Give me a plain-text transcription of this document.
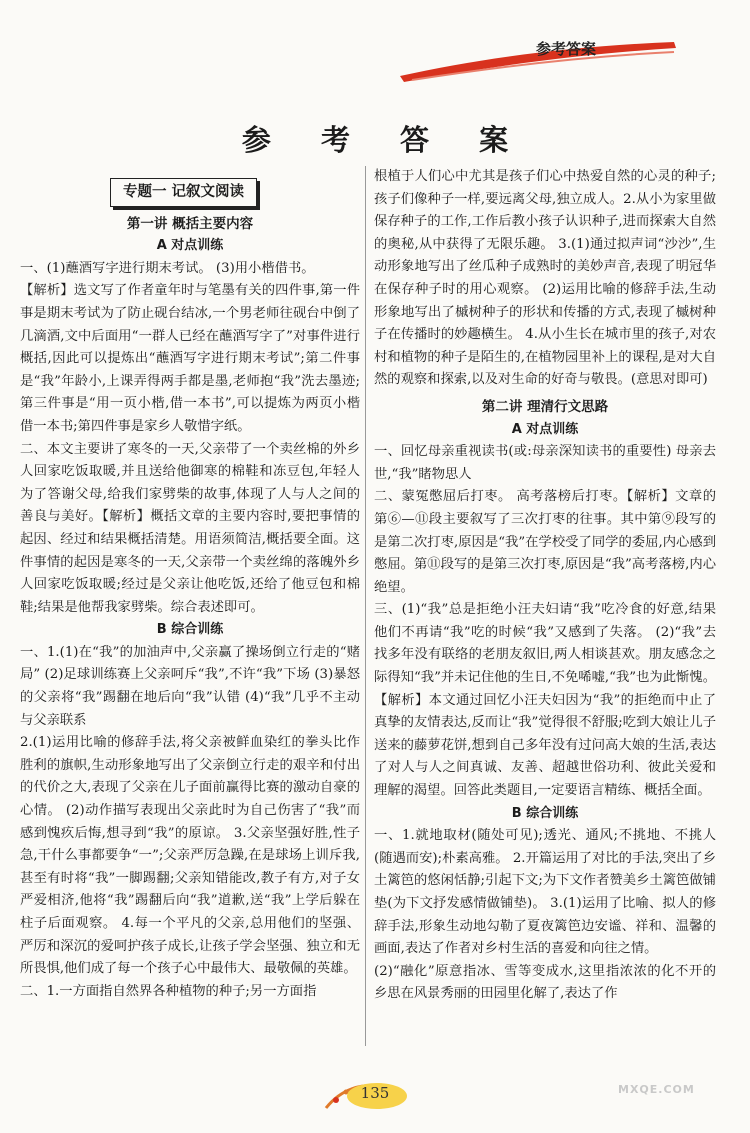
参考答案
参 考 答 案
专题一 记叙文阅读
第一讲 概括主要内容
A 对点训练

一、(1)蘸酒写字进行期末考试。 (3)用小楷借书。

【解析】选文写了作者童年时与笔墨有关的四件事,第一件事是期末考试为了防止砚台结冰,一个男老师往砚台中倒了几滴酒,文中后面用“一群人已经在蘸酒写字了”对事件进行概括,因此可以提炼出“蘸酒写字进行期末考试”;第二件事是“我”年龄小,上课弄得两手都是墨,老师抱“我”洗去墨迹;第三件事是“用一页小楷,借一本书”,可以提炼为两页小楷借一本书;第四件事是家乡人敬惜字纸。

二、本文主要讲了寒冬的一天,父亲带了一个卖丝棉的外乡人回家吃饭取暖,并且送给他御寒的棉鞋和冻豆包,年轻人为了答谢父母,给我们家劈柴的故事,体现了人与人之间的善良与美好。【解析】概括文章的主要内容时,要把事情的起因、经过和结果概括清楚。用语须简洁,概括要全面。这件事情的起因是寒冬的一天,父亲带一个卖丝绵的落魄外乡人回家吃饭取暖;经过是父亲让他吃饭,还给了他豆包和棉鞋;结果是他帮我家劈柴。综合表述即可。

B 综合训练

一、1.(1)在“我”的加油声中,父亲赢了操场倒立行走的“赌局” (2)足球训练赛上父亲呵斥“我”,不许“我”下场 (3)暴怒的父亲将“我”踢翻在地后向“我”认错 (4)“我”几乎不主动与父亲联系

2.(1)运用比喻的修辞手法,将父亲被鲜血染红的拳头比作胜利的旗帜,生动形象地写出了父亲倒立行走的艰辛和付出的代价之大,表现了父亲在儿子面前赢得比赛的激动自豪的心情。 (2)动作描写表现出父亲此时为自己伤害了“我”而感到愧疚后悔,想寻到“我”的原谅。 3.父亲坚强好胜,性子急,干什么事都要争“一”;父亲严厉急躁,在是球场上训斥我,甚至有时将“我”一脚踢翻;父亲知错能改,教子有方,对子女严爱相济,他将“我”踢翻后向“我”道歉,送“我”上学后躲在柱子后面观察。 4.每一个平凡的父亲,总用他们的坚强、严厉和深沉的爱呵护孩子成长,让孩子学会坚强、独立和无所畏惧,他们成了每一个孩子心中最伟大、最敬佩的英雄。

二、1.一方面指自然界各种植物的种子;另一方面指

根植于人们心中尤其是孩子们心中热爱自然的心灵的种子;孩子们像种子一样,要远离父母,独立成人。2.从小为家里做保存种子的工作,工作后教小孩子认识种子,进而探索大自然的奥秘,从中获得了无限乐趣。 3.(1)通过拟声词“沙沙”,生动形象地写出了丝瓜种子成熟时的美妙声音,表现了明冠华在保存种子时的用心观察。 (2)运用比喻的修辞手法,生动形象地写出了槭树种子的形状和传播的方式,表现了槭树种子在传播时的妙趣横生。 4.从小生长在城市里的孩子,对农村和植物的种子是陌生的,在植物园里补上的课程,是对大自然的观察和探索,以及对生命的好奇与敬畏。(意思对即可)

第二讲 理清行文思路
A 对点训练

一、回忆母亲重视读书(或:母亲深知读书的重要性) 母亲去世,“我”睹物思人

二、蒙冤憋屈后打枣。 高考落榜后打枣。【解析】文章的第⑥—⑪段主要叙写了三次打枣的往事。其中第⑨段写的是第二次打枣,原因是“我”在学校受了同学的委屈,内心感到憋屈。第⑪段写的是第三次打枣,原因是“我”高考落榜,内心绝望。

三、(1)“我”总是拒绝小汪夫妇请“我”吃冷食的好意,结果他们不再请“我”吃的时候“我”又感到了失落。 (2)“我”去找多年没有联络的老朋友叙旧,两人相谈甚欢。朋友感念之际得知“我”并未记住他的生日,不免唏嘘,“我”也为此惭愧。【解析】本文通过回忆小汪夫妇因为“我”的拒绝而中止了真挚的友情表达,反而让“我”觉得很不舒服;吃到大娘让儿子送来的藤萝花饼,想到自己多年没有过问高大娘的生活,表达了对人与人之间真诚、友善、超越世俗功利、彼此关爱和理解的渴望。回答此类题目,一定要语言精练、概括全面。

B 综合训练

一、1.就地取材(随处可见);透光、通风;不挑地、不挑人(随遇而安);朴素高雅。 2.开篇运用了对比的手法,突出了乡土篱笆的悠闲恬静;引起下文;为下文作者赞美乡土篱笆做铺垫(为下文抒发感情做铺垫)。 3.(1)运用了比喻、拟人的修辞手法,形象生动地勾勒了夏夜篱笆边安谧、祥和、温馨的画面,表达了作者对乡村生活的喜爱和向往之情。

(2)“融化”原意指冰、雪等变成水,这里指浓浓的化不开的乡思在风景秀丽的田园里化解了,表达了作

135	MXQE.COM
